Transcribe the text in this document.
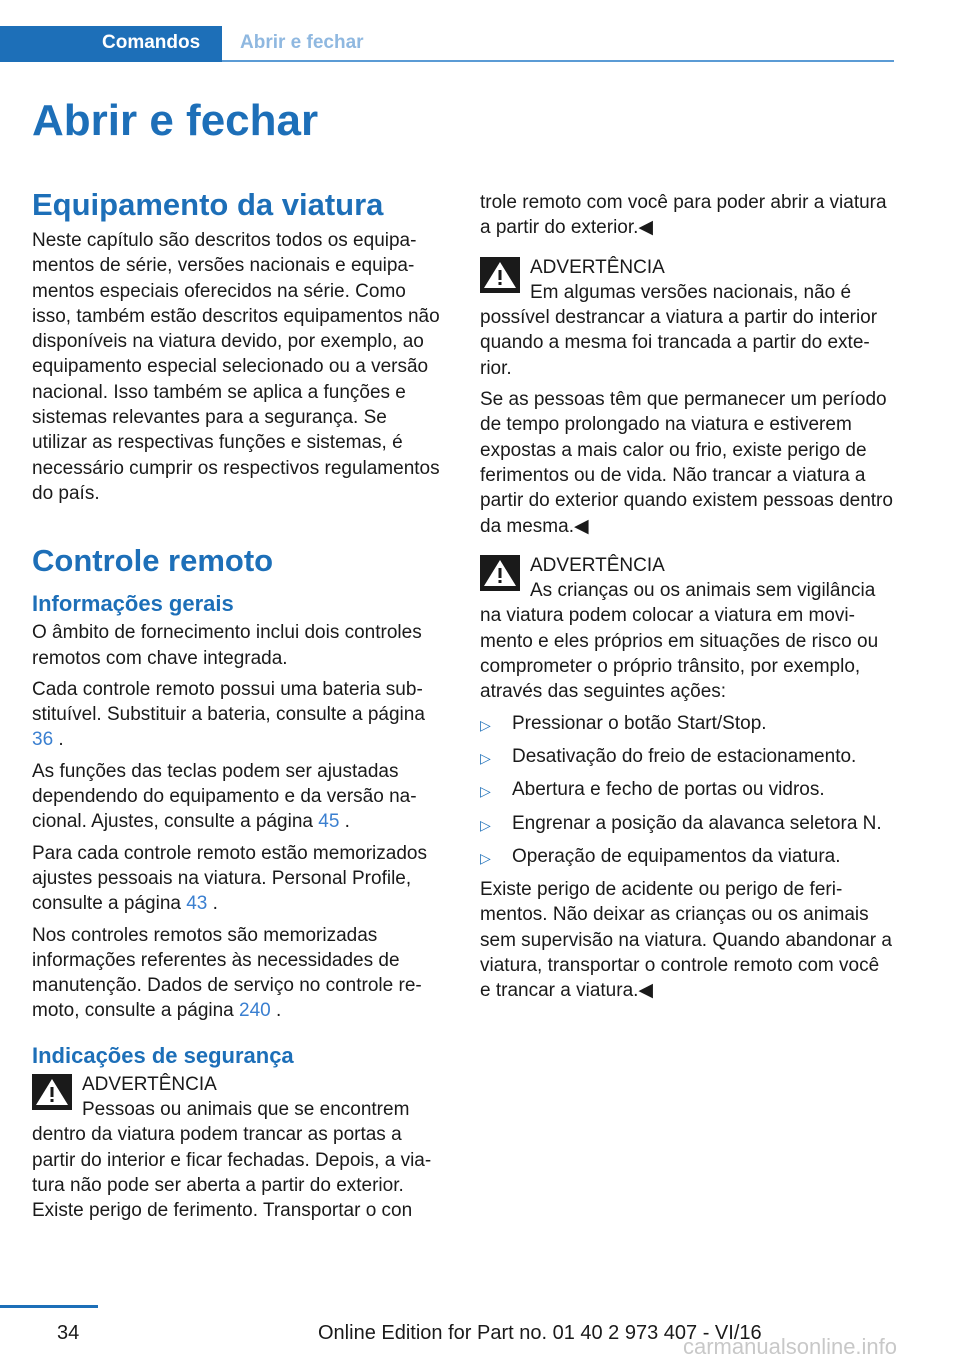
Comandos Abrir e fechar
Abrir e fechar
Equipamento da viatura

Neste capítulo são descritos todos os equipamentos de série, versões nacionais e equipamentos especiais oferecidos na série. Como isso, também estão descritos equipamentos não disponíveis na viatura devido, por exemplo, ao equipamento especial selecionado ou a versão nacional. Isso também se aplica a funções e sistemas relevantes para a segurança. Se utilizar as respectivas funções e sistemas, é necessário cumprir os respectivos regulamentos do país.

Controle remoto
Informações gerais

O âmbito de fornecimento inclui dois controles remotos com chave integrada.

Cada controle remoto possui uma bateria substituível. Substituir a bateria, consulte a página 36 .

As funções das teclas podem ser ajustadas dependendo do equipamento e da versão nacional. Ajustes, consulte a página 45 .

Para cada controle remoto estão memorizados ajustes pessoais na viatura. Personal Profile, consulte a página 43 .

Nos controles remotos são memorizadas informações referentes às necessidades de manutenção. Dados de serviço no controle remoto, consulte a página 240 .

Indicações de segurança
ADVERTÊNCIA

Pessoas ou animais que se encontrem dentro da viatura podem trancar as portas a partir do interior e ficar fechadas. Depois, a viatura não pode ser aberta a partir do exterior. Existe perigo de ferimento. Transportar o con

trole remoto com você para poder abrir a viatura a partir do exterior.◀

ADVERTÊNCIA

Em algumas versões nacionais, não é possível destrancar a viatura a partir do interior quando a mesma foi trancada a partir do exterior.

Se as pessoas têm que permanecer um período de tempo prolongado na viatura e estiverem expostas a mais calor ou frio, existe perigo de ferimentos ou de vida. Não trancar a viatura a partir do exterior quando existem pessoas dentro da mesma.◀

ADVERTÊNCIA

As crianças ou os animais sem vigilância na viatura podem colocar a viatura em movimento e eles próprios em situações de risco ou comprometer o próprio trânsito, por exemplo, através das seguintes ações:

▷	Pressionar o botão Start/Stop.
▷	Desativação do freio de estacionamento.
▷	Abertura e fecho de portas ou vidros.
▷	Engrenar a posição da alavanca seletora N.
▷	Operação de equipamentos da viatura.

Existe perigo de acidente ou perigo de ferimentos. Não deixar as crianças ou os animais sem supervisão na viatura. Quando abandonar a viatura, transportar o controle remoto com você e trancar a viatura.◀

34	Online Edition for Part no. 01 40 2 973 407 - VI/16
carmanualsonline.info
